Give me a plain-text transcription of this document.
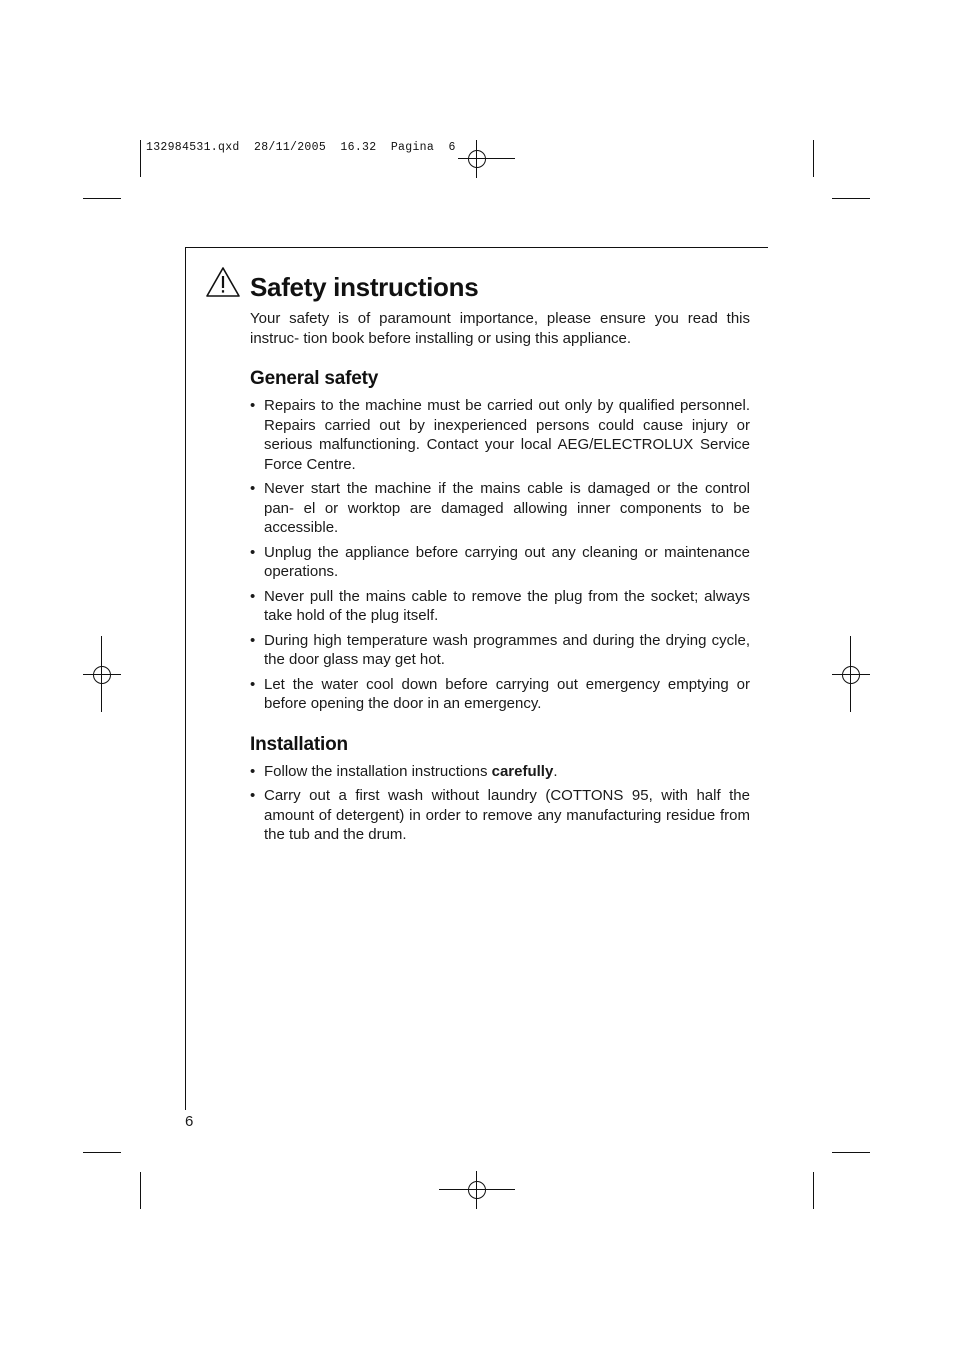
132984531.qxd  28/11/2005  16.32  Pagina  6
Safety instructions

Your safety is of paramount importance, please ensure you read this instruc- tion book before installing or using this appliance.

General safety
• Repairs to the machine must be carried out only by qualified personnel. Repairs carried out by inexperienced persons could cause injury or serious malfunctioning. Contact your local AEG/ELECTROLUX Service Force Centre.
• Never start the machine if the mains cable is damaged or the control pan- el or worktop are damaged allowing inner components to be accessible.
• Unplug the appliance before carrying out any cleaning or maintenance operations.
• Never pull the mains cable to remove the plug from the socket; always take hold of the plug itself.
• During high temperature wash programmes and during the drying cycle, the door glass may get hot.
• Let the water cool down before carrying out emergency emptying or before opening the door in an emergency.
Installation
• Follow the installation instructions carefully.
• Carry out a first wash without laundry (COTTONS 95, with half the amount of detergent) in order to remove any manufacturing residue from the tub and the drum.
6
